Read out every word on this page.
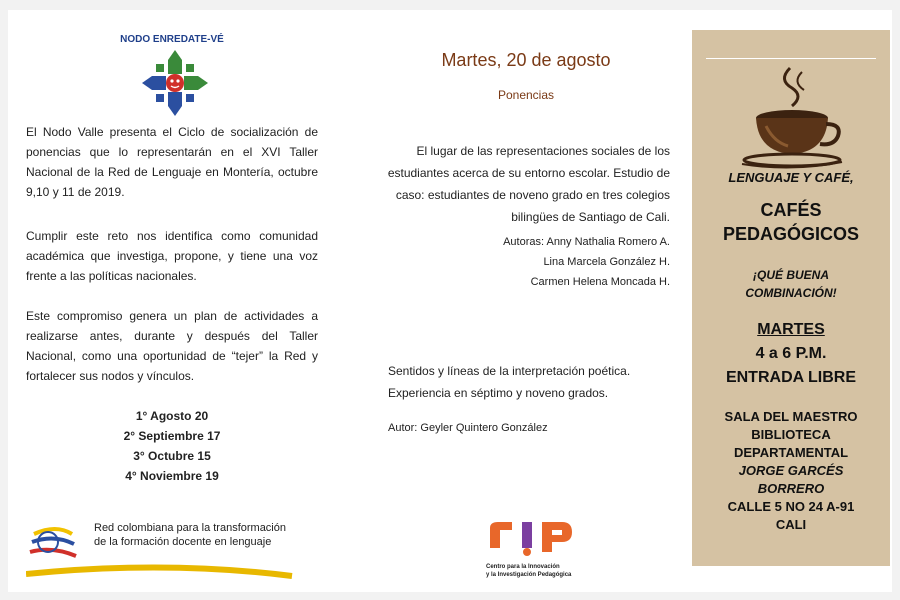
NODO ENREDATE-VÉ
El Nodo Valle presenta el Ciclo de socialización de ponencias que lo representarán en el XVI Taller Nacional de la Red de Lenguaje en Montería, octubre 9,10 y 11 de 2019.
Cumplir este reto nos identifica como comunidad académica que investiga, propone, y tiene una voz frente a las políticas nacionales.
Este compromiso genera un plan de actividades a realizarse antes, durante y después del Taller Nacional, como una oportunidad de “tejer” la Red y fortalecer sus nodos y vínculos.
1° Agosto 20
2° Septiembre 17
3° Octubre 15
4° Noviembre 19
Red colombiana para la transformación
de la formación docente en lenguaje
Martes, 20 de agosto
Ponencias
El lugar de las representaciones sociales de los estudiantes acerca de su entorno escolar. Estudio de caso: estudiantes de noveno grado en tres colegios bilingües de Santiago de Cali.
Autoras: Anny Nathalia Romero A.
Lina Marcela González H.
Carmen Helena Moncada H.
Sentidos y líneas de la interpretación poética. Experiencia en séptimo y noveno grados.
Autor: Geyler Quintero González
Centro para la Innovación
y la Investigación Pedagógica
LENGUAJE Y CAFÉ,
CAFÉS
PEDAGÓGICOS
¡QUÉ BUENA
COMBINACIÓN!
MARTES
4 a 6 P.M.
ENTRADA LIBRE
SALA DEL MAESTRO
BIBLIOTECA
DEPARTAMENTAL
JORGE GARCÉS
BORRERO
CALLE 5 NO 24 A-91
CALI
